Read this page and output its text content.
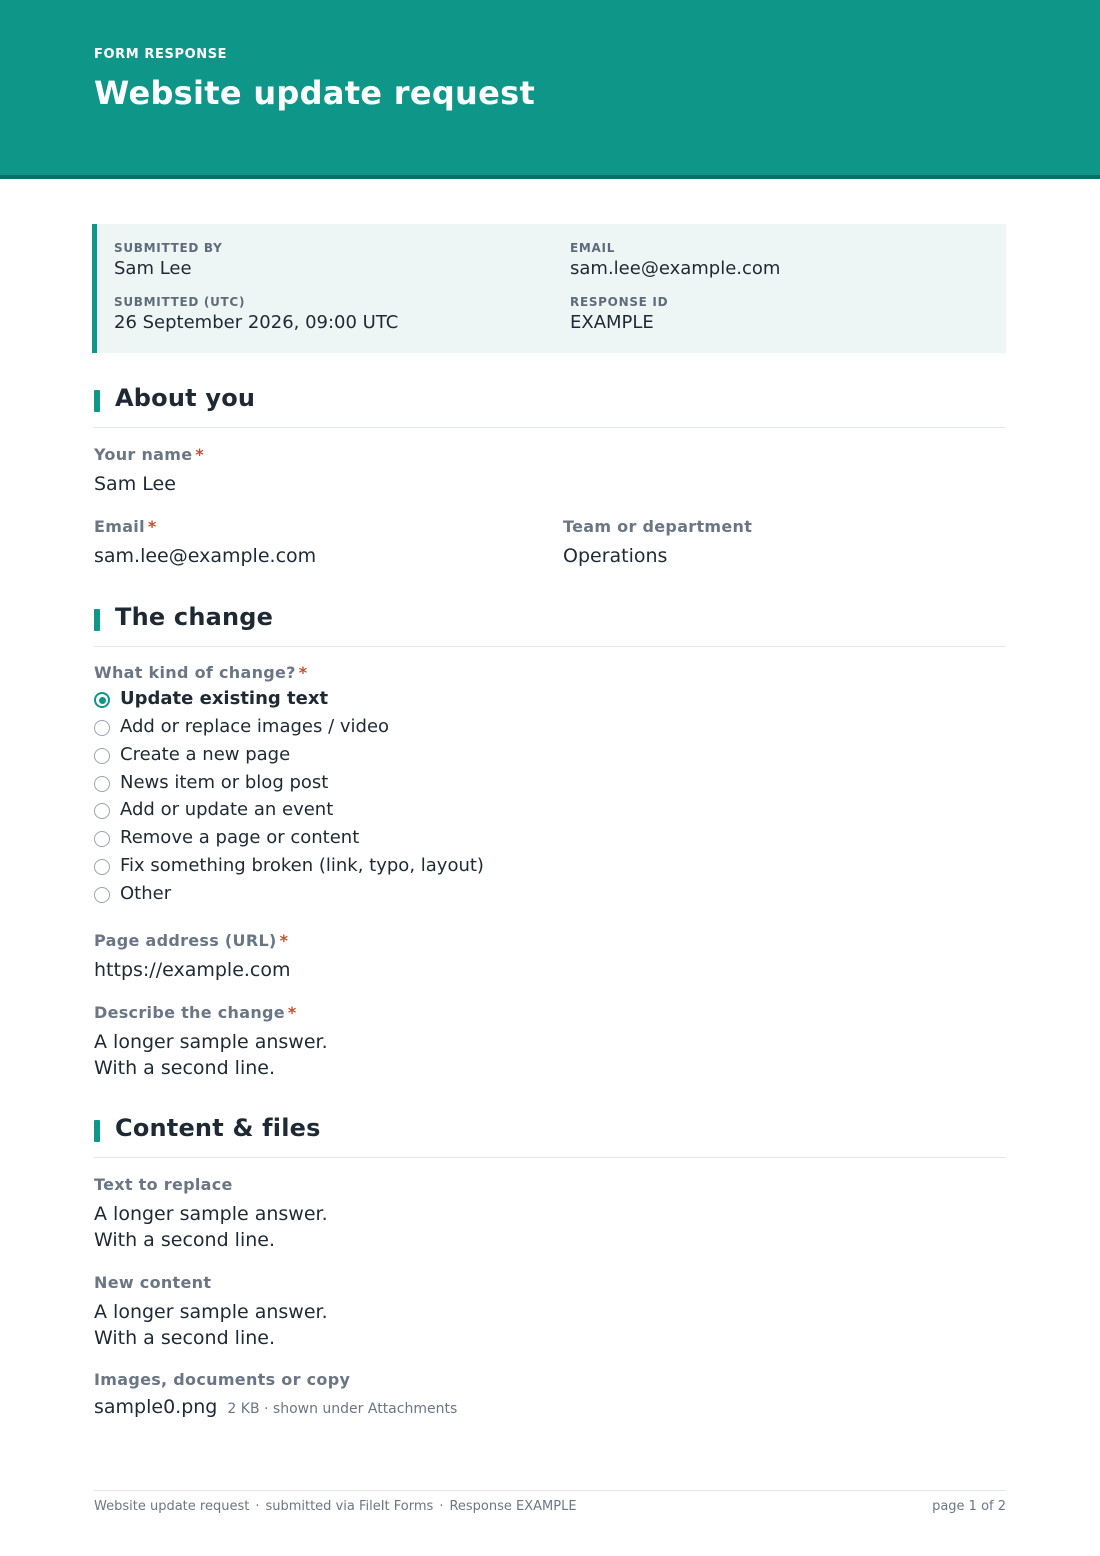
FORM RESPONSE
Website update request
SUBMITTED BY
Sam Lee
EMAIL
sam.lee@example.com
SUBMITTED (UTC)
26 September 2026, 09:00 UTC
RESPONSE ID
EXAMPLE
About you
Your name *
Sam Lee
Email *
sam.lee@example.com
Team or department
Operations
The change
What kind of change? *
Update existing text
Add or replace images / video
Create a new page
News item or blog post
Add or update an event
Remove a page or content
Fix something broken (link, typo, layout)
Other
Page address (URL) *
https://example.com
Describe the change *
A longer sample answer.
With a second line.
Content & files
Text to replace
A longer sample answer.
With a second line.
New content
A longer sample answer.
With a second line.
Images, documents or copy
sample0.png 2 KB · shown under Attachments
Website update request · submitted via FileIt Forms · Response EXAMPLE	page 1 of 2
